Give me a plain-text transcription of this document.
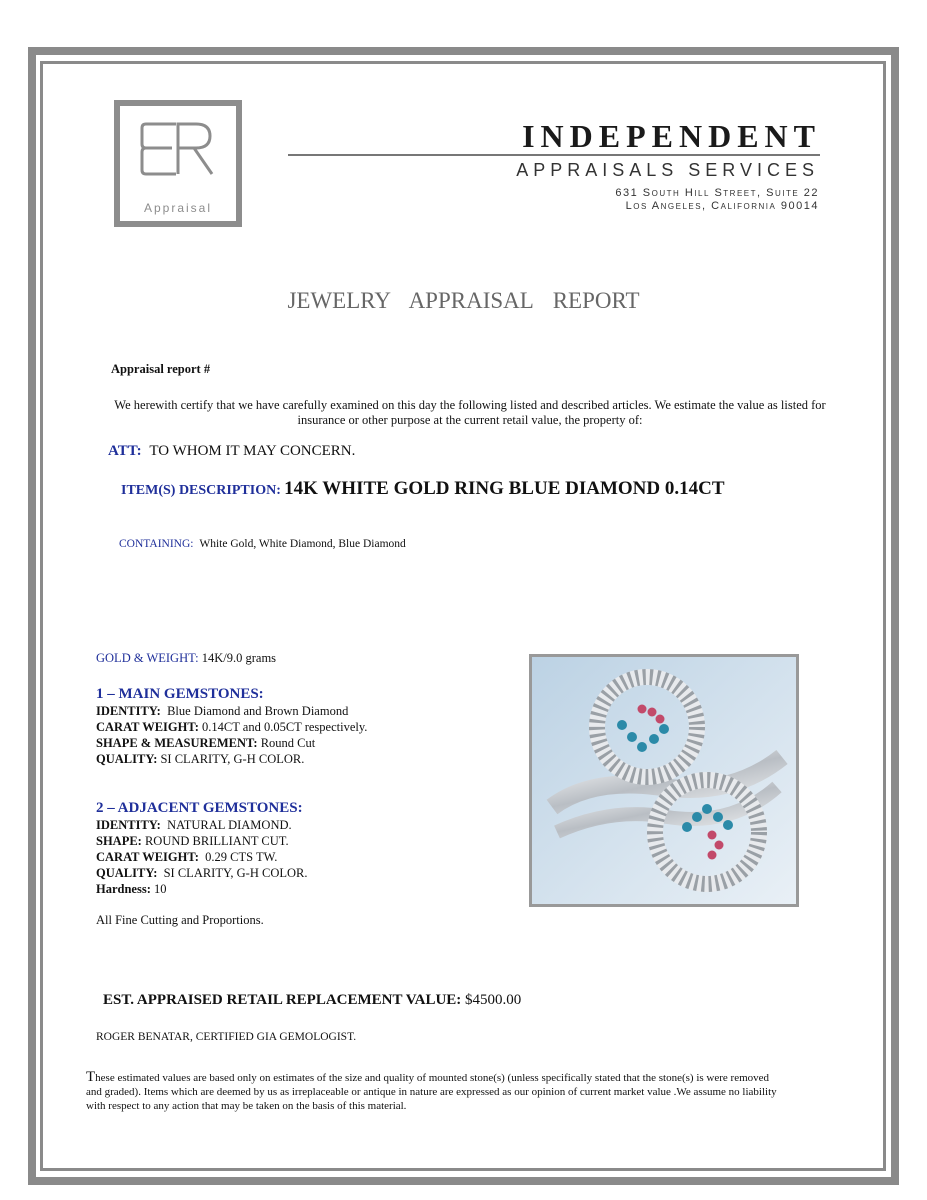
Appraisal
INDEPENDENT
APPRAISALS SERVICES
631 South Hill Street, Suite 22
Los Angeles, California 90014
JEWELRY APPRAISAL REPORT
Appraisal report #
We herewith certify that we have carefully examined on this day the following listed and described articles. We estimate the value as listed for insurance or other purpose at the current retail value, the property of:
ATT: TO WHOM IT MAY CONCERN.
ITEM(S) DESCRIPTION: 14K WHITE GOLD RING BLUE DIAMOND 0.14CT
CONTAINING: White Gold, White Diamond, Blue Diamond
GOLD & WEIGHT: 14K/9.0 grams
1 – MAIN GEMSTONES:
IDENTITY: Blue Diamond and Brown Diamond
CARAT WEIGHT: 0.14CT and 0.05CT respectively.
SHAPE & MEASUREMENT: Round Cut
QUALITY: SI CLARITY, G-H COLOR.
2 – ADJACENT GEMSTONES:
IDENTITY: NATURAL DIAMOND.
SHAPE: ROUND BRILLIANT CUT.
CARAT WEIGHT: 0.29 CTS TW.
QUALITY: SI CLARITY, G-H COLOR.
Hardness: 10
All Fine Cutting and Proportions.
EST. APPRAISED RETAIL REPLACEMENT VALUE: $4500.00
ROGER BENATAR, CERTIFIED GIA GEMOLOGIST.
These estimated values are based only on estimates of the size and quality of mounted stone(s) (unless specifically stated that the stone(s) is were removed and graded). Items which are deemed by us as irreplaceable or antique in nature are expressed as our opinion of current market value .We assume no liability with respect to any action that may be taken on the basis of this material.
